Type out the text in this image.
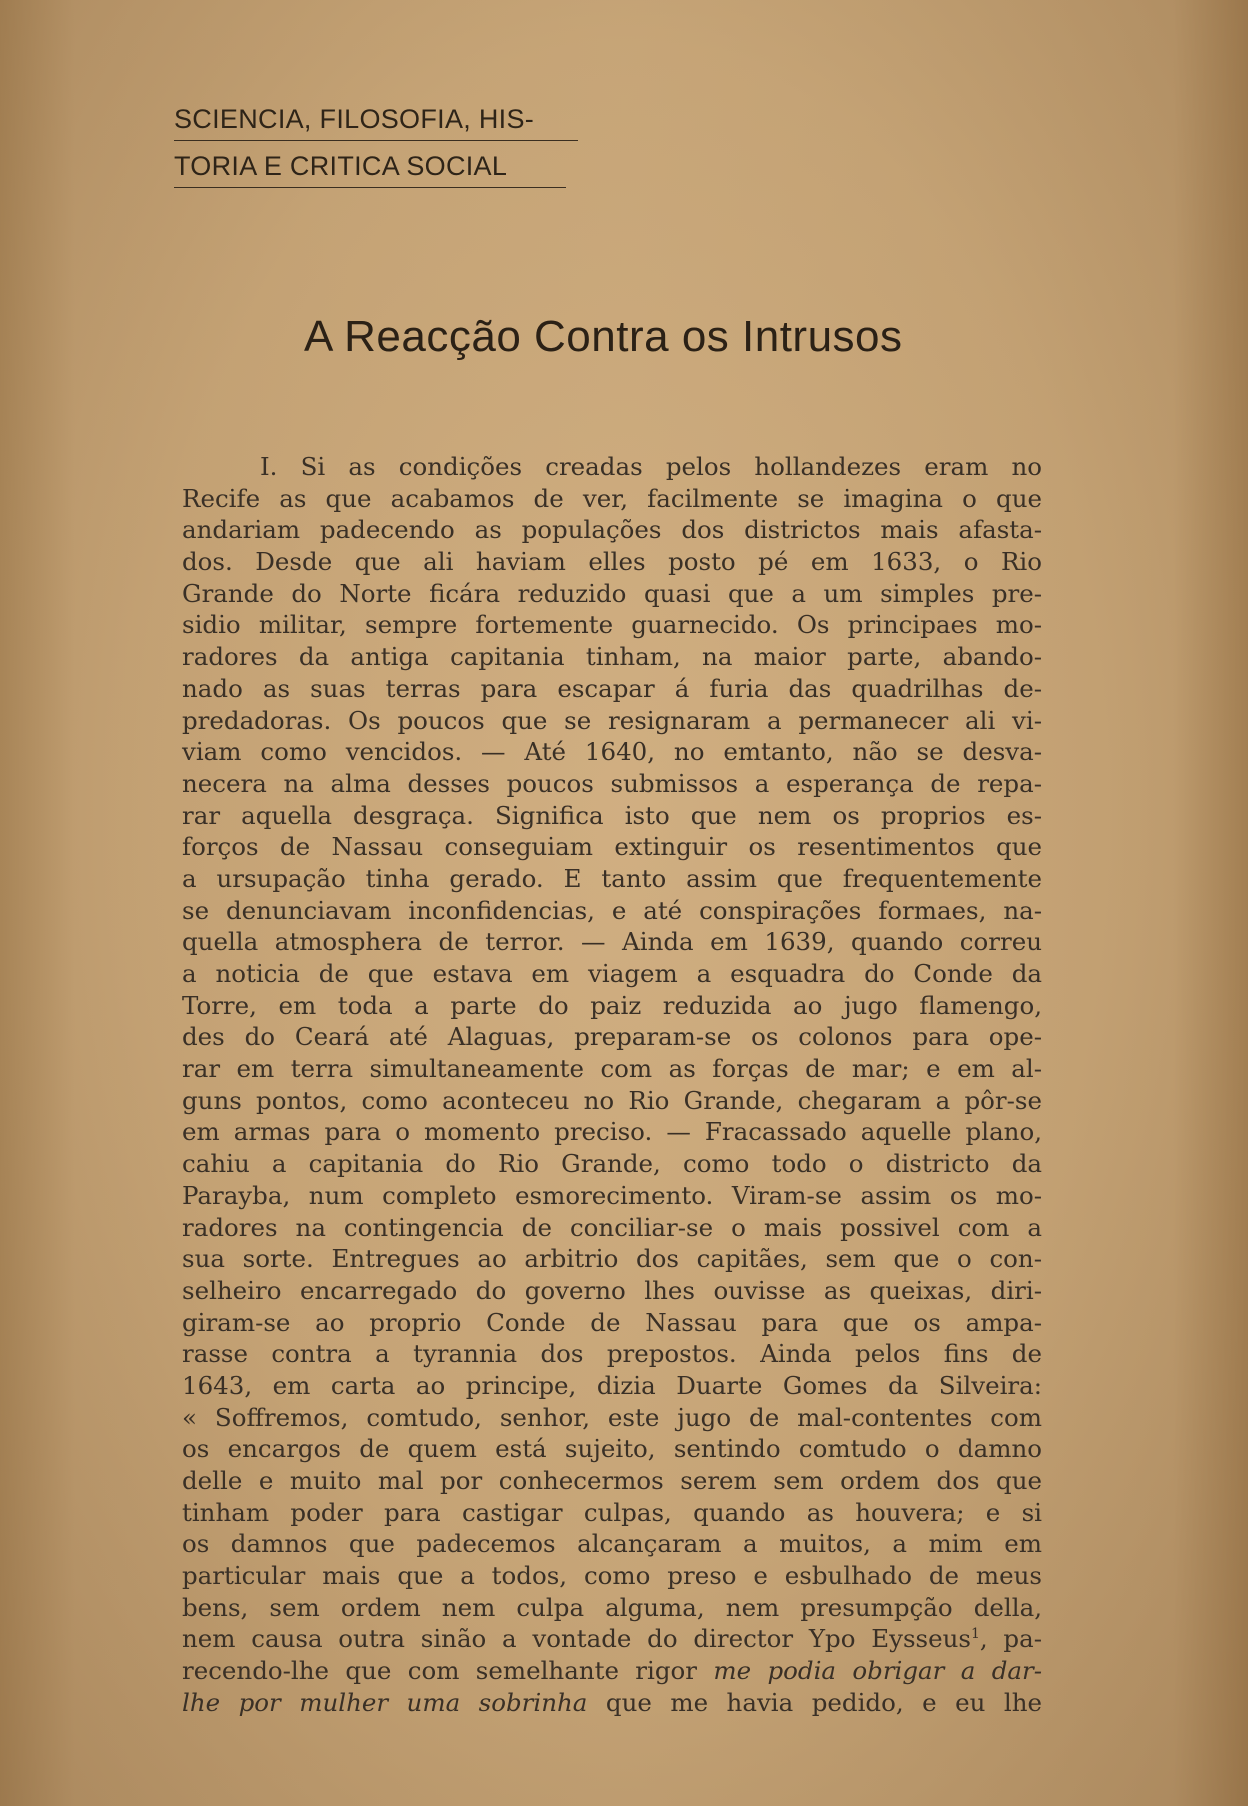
SCIENCIA, FILOSOFIA, HIS-
TORIA E CRITICA SOCIAL
A Reacção Contra os Intrusos
I. Si as condições creadas pelos hollandezes eram no
Recife as que acabamos de ver, facilmente se imagina o que
andariam padecendo as populações dos districtos mais afasta-
dos. Desde que ali haviam elles posto pé em 1633, o Rio
Grande do Norte ficára reduzido quasi que a um simples pre-
sidio militar, sempre fortemente guarnecido. Os principaes mo-
radores da antiga capitania tinham, na maior parte, abando-
nado as suas terras para escapar á furia das quadrilhas de-
predadoras. Os poucos que se resignaram a permanecer ali vi-
viam como vencidos. — Até 1640, no emtanto, não se desva-
necera na alma desses poucos submissos a esperança de repa-
rar aquella desgraça. Significa isto que nem os proprios es-
forços de Nassau conseguiam extinguir os resentimentos que
a ursupação tinha gerado. E tanto assim que frequentemente
se denunciavam inconfidencias, e até conspirações formaes, na-
quella atmosphera de terror. — Ainda em 1639, quando correu
a noticia de que estava em viagem a esquadra do Conde da
Torre, em toda a parte do paiz reduzida ao jugo flamengo,
des do Ceará até Alaguas, preparam-se os colonos para ope-
rar em terra simultaneamente com as forças de mar; e em al-
guns pontos, como aconteceu no Rio Grande, chegaram a pôr-se
em armas para o momento preciso. — Fracassado aquelle plano,
cahiu a capitania do Rio Grande, como todo o districto da
Parayba, num completo esmorecimento. Viram-se assim os mo-
radores na contingencia de conciliar-se o mais possivel com a
sua sorte. Entregues ao arbitrio dos capitães, sem que o con-
selheiro encarregado do governo lhes ouvisse as queixas, diri-
giram-se ao proprio Conde de Nassau para que os ampa-
rasse contra a tyrannia dos prepostos. Ainda pelos fins de
1643, em carta ao principe, dizia Duarte Gomes da Silveira:
« Soffremos, comtudo, senhor, este jugo de mal-contentes com
os encargos de quem está sujeito, sentindo comtudo o damno
delle e muito mal por conhecermos serem sem ordem dos que
tinham poder para castigar culpas, quando as houvera; e si
os damnos que padecemos alcançaram a muitos, a mim em
particular mais que a todos, como preso e esbulhado de meus
bens, sem ordem nem culpa alguma, nem presumpção della,
nem causa outra sinão a vontade do director Ypo Eysseus$^1$, pa-
recendo-lhe que com semelhante rigor me podia obrigar a dar-
lhe por mulher uma sobrinha que me havia pedido, e eu lhe
